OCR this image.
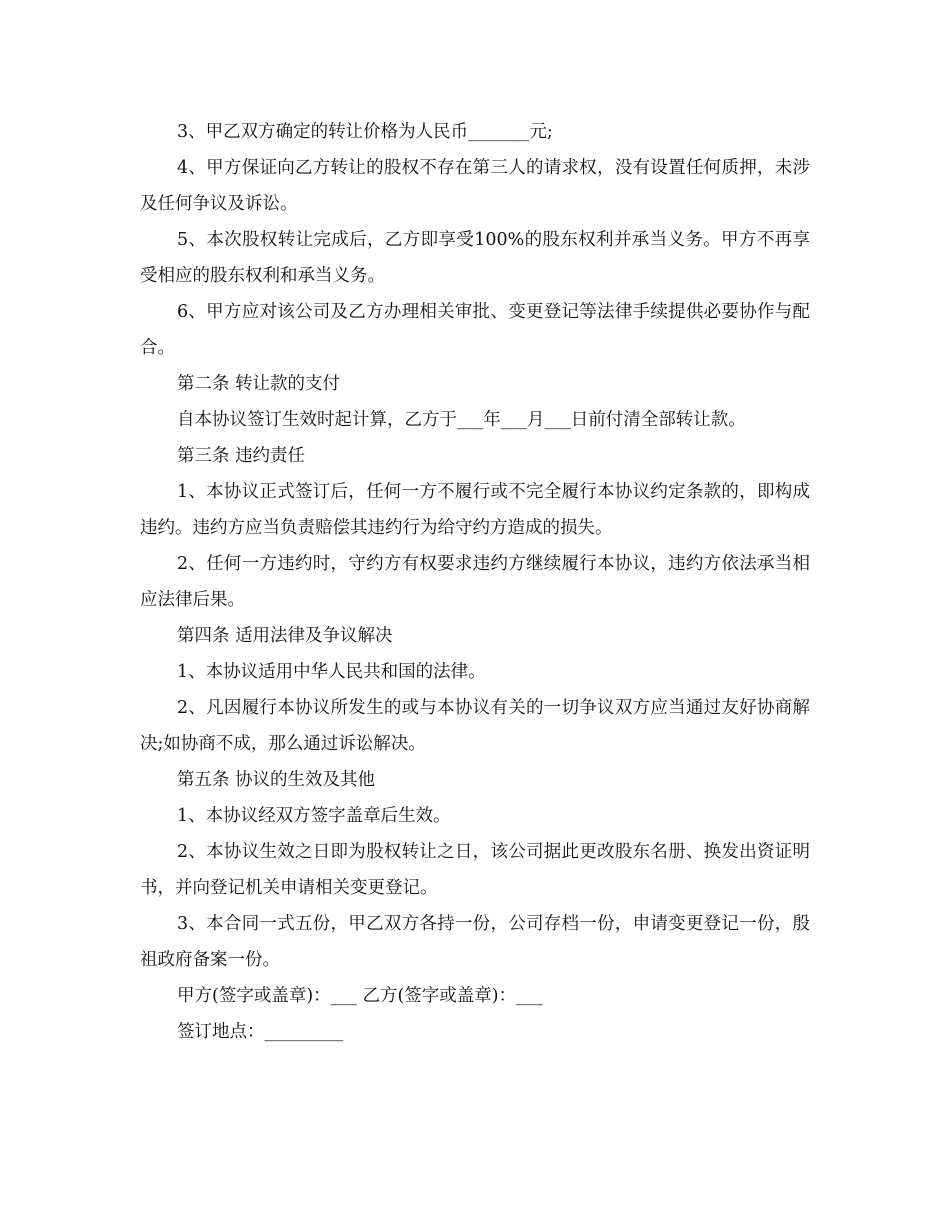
3、甲乙双方确定的转让价格为人民币_______元;

4、甲方保证向乙方转让的股权不存在第三人的请求权，没有设置任何质押，未涉及任何争议及诉讼。

5、本次股权转让完成后，乙方即享受100%的股东权利并承当义务。甲方不再享受相应的股东权利和承当义务。

6、甲方应对该公司及乙方办理相关审批、变更登记等法律手续提供必要协作与配合。

第二条 转让款的支付

自本协议签订生效时起计算，乙方于___年___月___日前付清全部转让款。

第三条 违约责任

1、本协议正式签订后，任何一方不履行或不完全履行本协议约定条款的，即构成违约。违约方应当负责赔偿其违约行为给守约方造成的损失。

2、任何一方违约时，守约方有权要求违约方继续履行本协议，违约方依法承当相应法律后果。

第四条 适用法律及争议解决

1、本协议适用中华人民共和国的法律。

2、凡因履行本协议所发生的或与本协议有关的一切争议双方应当通过友好协商解决;如协商不成，那么通过诉讼解决。

第五条 协议的生效及其他

1、本协议经双方签字盖章后生效。

2、本协议生效之日即为股权转让之日，该公司据此更改股东名册、换发出资证明书，并向登记机关申请相关变更登记。

3、本合同一式五份，甲乙双方各持一份，公司存档一份，申请变更登记一份，殷祖政府备案一份。

甲方(签字或盖章)：___ 乙方(签字或盖章)：___

签订地点：_________
